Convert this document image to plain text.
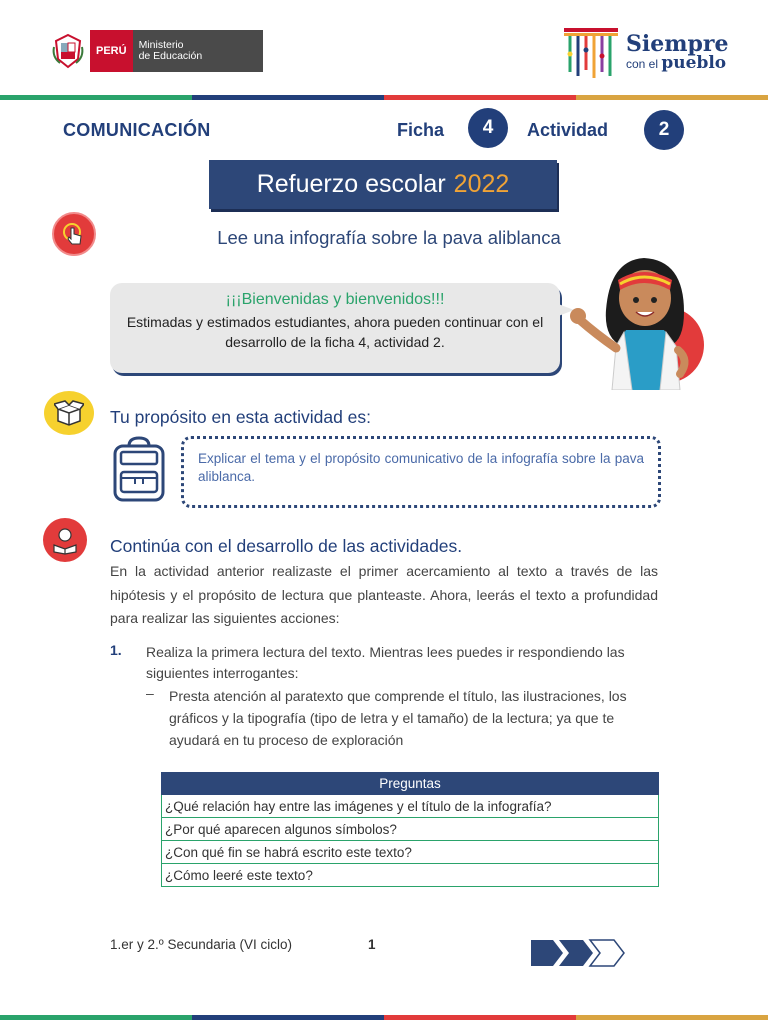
PERÚ	Ministerio
de Educación	Siempre
con el pueblo
COMUNICACIÓN	Ficha	4	Actividad	2
Refuerzo escolar 2022
Lee una infografía sobre la pava aliblanca
¡¡¡Bienvenidas y bienvenidos!!!
Estimadas y estimados estudiantes, ahora pueden continuar con el desarrollo de la ficha 4, actividad 2.
Tu propósito en esta actividad es:

Explicar el tema y el propósito comunicativo de la infografía sobre la pava aliblanca.

Continúa con el desarrollo de las actividades.
En la actividad anterior realizaste el primer acercamiento al texto a través de las hipótesis y el propósito de lectura que planteaste. Ahora, leerás el texto a profundidad para realizar las siguientes acciones:
1. Realiza la primera lectura del texto. Mientras lees puedes ir respondiendo las siguientes interrogantes:
– Presta atención al paratexto que comprende el título, las ilustraciones, los gráficos y la tipografía (tipo de letra y el tamaño) de la lectura; ya que te ayudará en tu proceso de exploración
Preguntas
¿Qué relación hay entre las imágenes y el título de la infografía?
¿Por qué aparecen algunos símbolos?
¿Con qué fin se habrá escrito este texto?
¿Cómo leeré este texto?
1.er y 2.º Secundaria (VI ciclo)	1
